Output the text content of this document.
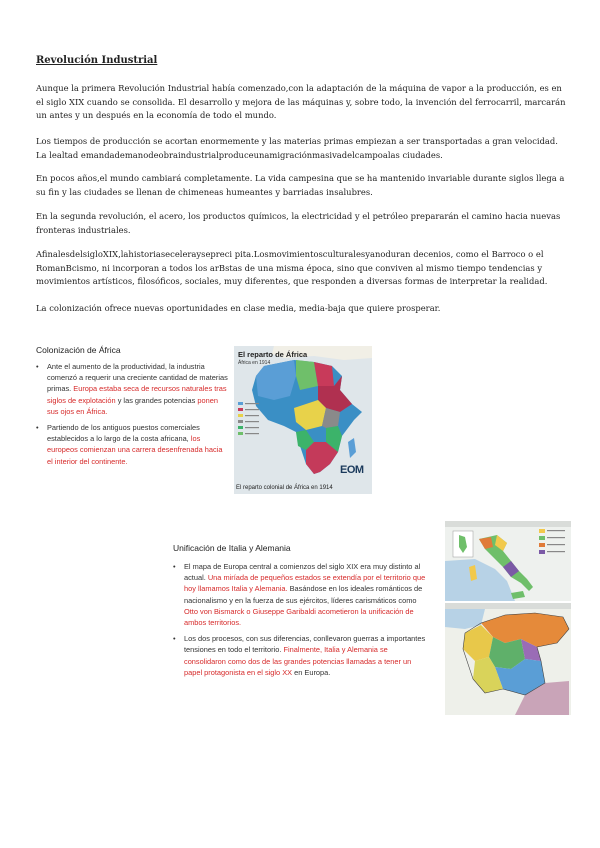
Revolución Industrial
Aunque la primera Revolución Industrial había comenzado,con la adaptación de la máquina de vapor a la producción, es en el siglo XIX cuando se consolida. El desarrollo y mejora de las máquinas y, sobre todo, la invención del ferrocarril, marcarán un antes y un después en la economía de todo el mundo.
Los tiempos de producción se acortan enormemente y las materias primas empiezan a ser transportadas a gran velocidad. La lealtad emandademanodeobraindustrialproduceunamigraciónmasivadelcampoalas ciudades.
En pocos años,el mundo cambiará completamente. La vida campesina que se ha mantenido invariable durante siglos llega a su fin y las ciudades se llenan de chimeneas humeantes y barriadas insalubres.
En la segunda revolución, el acero, los productos químicos, la electricidad y el petróleo prepararán el camino hacia nuevas fronteras industriales.
AfinalesdelsigloXIX,lahistoriaseceleraysepreci pita.Losmovimientosculturalesyanoduran decenios, como el Barroco o el RomanBcismo, ni incorporan a todos los arBstas de una misma época, sino que conviven al mismo tiempo tendencias y movimientos artísticos, filosóficos, sociales, muy diferentes, que responden a diversas formas de interpretar la realidad.
La colonización ofrece nuevas oportunidades en clase media, media-baja que quiere prosperar.
Colonización de África
• Ante el aumento de la productividad, la industria comenzó a requerir una creciente cantidad de materias primas. Europa estaba seca de recursos naturales tras siglos de explotación y las grandes potencias ponen sus ojos en África.
• Partiendo de los antiguos puestos comerciales establecidos a lo largo de la costa africana, los europeos comienzan una carrera desenfrenada hacia el interior del continente.
El reparto de África
África en 1914
EOM
El reparto colonial de África en 1914
Unificación de Italia y Alemania
• El mapa de Europa central a comienzos del siglo XIX era muy distinto al actual. Una miríada de pequeños estados se extendía por el territorio que hoy llamamos Italia y Alemania. Basándose en los ideales románticos de nacionalismo y en la fuerza de sus ejércitos, líderes carismáticos como Otto von Bismarck o Giuseppe Garibaldi acometieron la unificación de ambos territorios.
• Los dos procesos, con sus diferencias, conllevaron guerras a importantes tensiones en todo el territorio. Finalmente, Italia y Alemania se consolidaron como dos de las grandes potencias llamadas a tener un papel protagonista en el siglo XX en Europa.
